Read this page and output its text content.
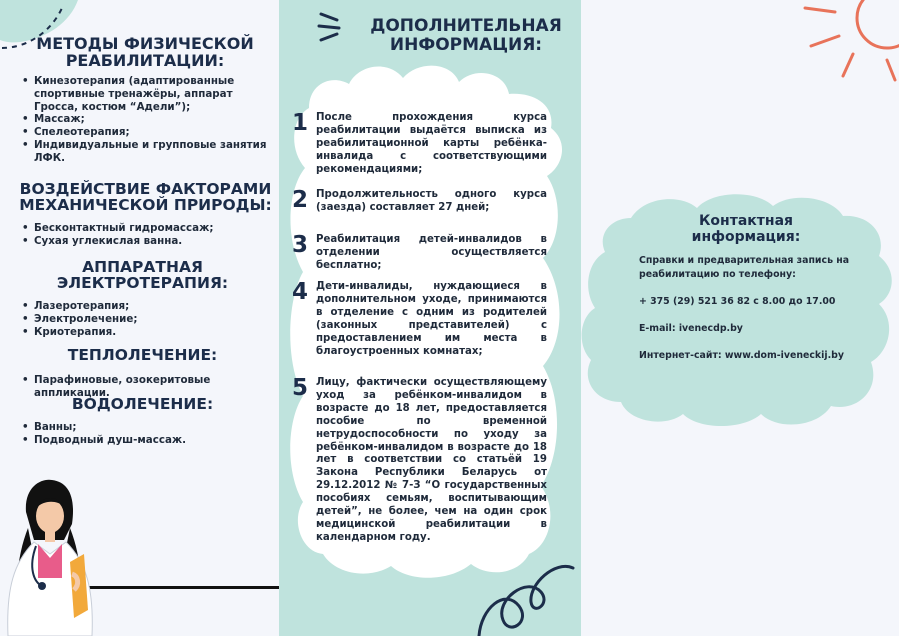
МЕТОДЫ ФИЗИЧЕСКОЙ РЕАБИЛИТАЦИИ:
• Кинезотерапия (адаптированные спортивные тренажёры, аппарат Гросса, костюм “Адели”);
• Массаж;
• Спелеотерапия;
• Индивидуальные и групповые занятия ЛФК.
ВОЗДЕЙСТВИЕ ФАКТОРАМИ МЕХАНИЧЕСКОЙ ПРИРОДЫ:
• Бесконтактный гидромассаж;
• Сухая углекислая ванна.
АППАРАТНАЯ ЭЛЕКТРОТЕРАПИЯ:
• Лазеротерапия;
• Электролечение;
• Криотерапия.
ТЕПЛОЛЕЧЕНИЕ:
• Парафиновые, озокеритовые аппликации.
ВОДОЛЕЧЕНИЕ:
• Ванны;
• Подводный душ-массаж.
ДОПОЛНИТЕЛЬНАЯ ИНФОРМАЦИЯ:
1 После прохождения курса реабилитации выдаётся выписка из реабилитационной карты ребёнка-инвалида с соответствующими рекомендациями;
2 Продолжительность одного курса (заезда) составляет 27 дней;
3 Реабилитация детей-инвалидов в отделении осуществляется бесплатно;
4 Дети-инвалиды, нуждающиеся в дополнительном уходе, принимаются в отделение с одним из родителей (законных представителей) с предоставлением им места в благоустроенных комнатах;
5 Лицу, фактически осуществляющему уход за ребёнком-инвалидом в возрасте до 18 лет, предоставляется пособие по временной нетрудоспособности по уходу за ребёнком-инвалидом в возрасте до 18 лет в соответствии со статьёй 19 Закона Республики Беларусь от 29.12.2012 № 7-З “О государственных пособиях семьям, воспитывающим детей”, не более, чем на один срок медицинской реабилитации в календарном году.
Контактная информация:
Справки и предварительная запись на реабилитацию по телефону:
+ 375 (29) 521 36 82 с 8.00 до 17.00
E-mail: ivenecdp.by
Интернет-сайт: www.dom-iveneckij.by
